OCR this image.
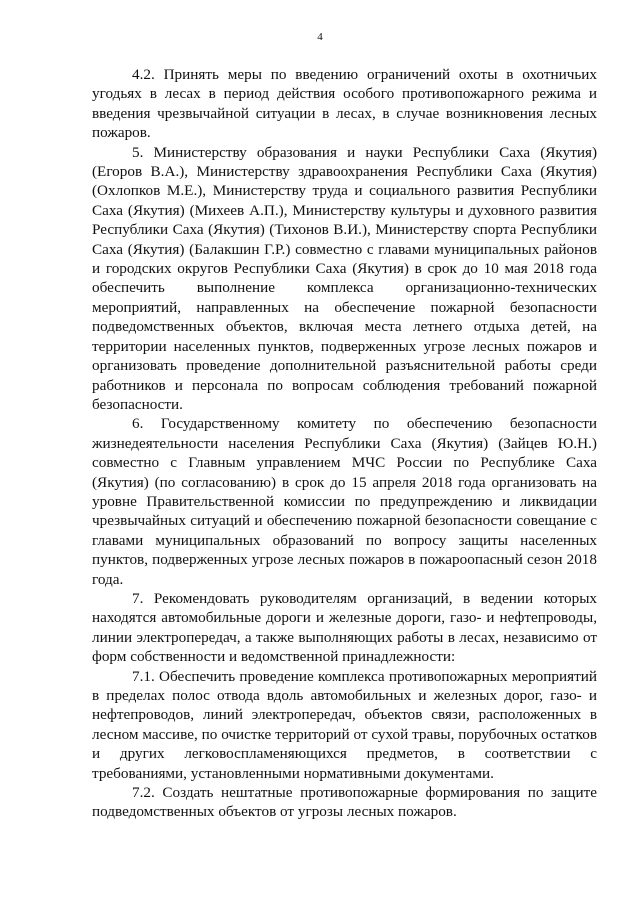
4

4.2. Принять меры по введению ограничений охоты в охотничьих угодьях в лесах в период действия особого противопожарного режима и введения чрезвычайной ситуации в лесах, в случае возникновения лесных пожаров.

5. Министерству образования и науки Республики Саха (Якутия) (Егоров В.А.), Министерству здравоохранения Республики Саха (Якутия) (Охлопков М.Е.), Министерству труда и социального развития Республики Саха (Якутия) (Михеев А.П.), Министерству культуры и духовного развития Республики Саха (Якутия) (Тихонов В.И.), Министерству спорта Республики Саха (Якутия) (Балакшин Г.Р.) совместно с главами муниципальных районов и городских округов Республики Саха (Якутия) в срок до 10 мая 2018 года обеспечить выполнение комплекса организационно-технических мероприятий, направленных на обеспечение пожарной безопасности подведомственных объектов, включая места летнего отдыха детей, на территории населенных пунктов, подверженных угрозе лесных пожаров и организовать проведение дополнительной разъяснительной работы среди работников и персонала по вопросам соблюдения требований пожарной безопасности.

6. Государственному комитету по обеспечению безопасности жизнедеятельности населения Республики Саха (Якутия) (Зайцев Ю.Н.) совместно с Главным управлением МЧС России по Республике Саха (Якутия) (по согласованию) в срок до 15 апреля 2018 года организовать на уровне Правительственной комиссии по предупреждению и ликвидации чрезвычайных ситуаций и обеспечению пожарной безопасности совещание с главами муниципальных образований по вопросу защиты населенных пунктов, подверженных угрозе лесных пожаров в пожароопасный сезон 2018 года.

7. Рекомендовать руководителям организаций, в ведении которых находятся автомобильные дороги и железные дороги, газо- и нефтепроводы, линии электропередач, а также выполняющих работы в лесах, независимо от форм собственности и ведомственной принадлежности:

7.1. Обеспечить проведение комплекса противопожарных мероприятий в пределах полос отвода вдоль автомобильных и железных дорог, газо- и нефтепроводов, линий электропередач, объектов связи, расположенных в лесном массиве, по очистке территорий от сухой травы, порубочных остатков и других легковоспламеняющихся предметов, в соответствии с требованиями, установленными нормативными документами.

7.2. Создать нештатные противопожарные формирования по защите подведомственных объектов от угрозы лесных пожаров.
